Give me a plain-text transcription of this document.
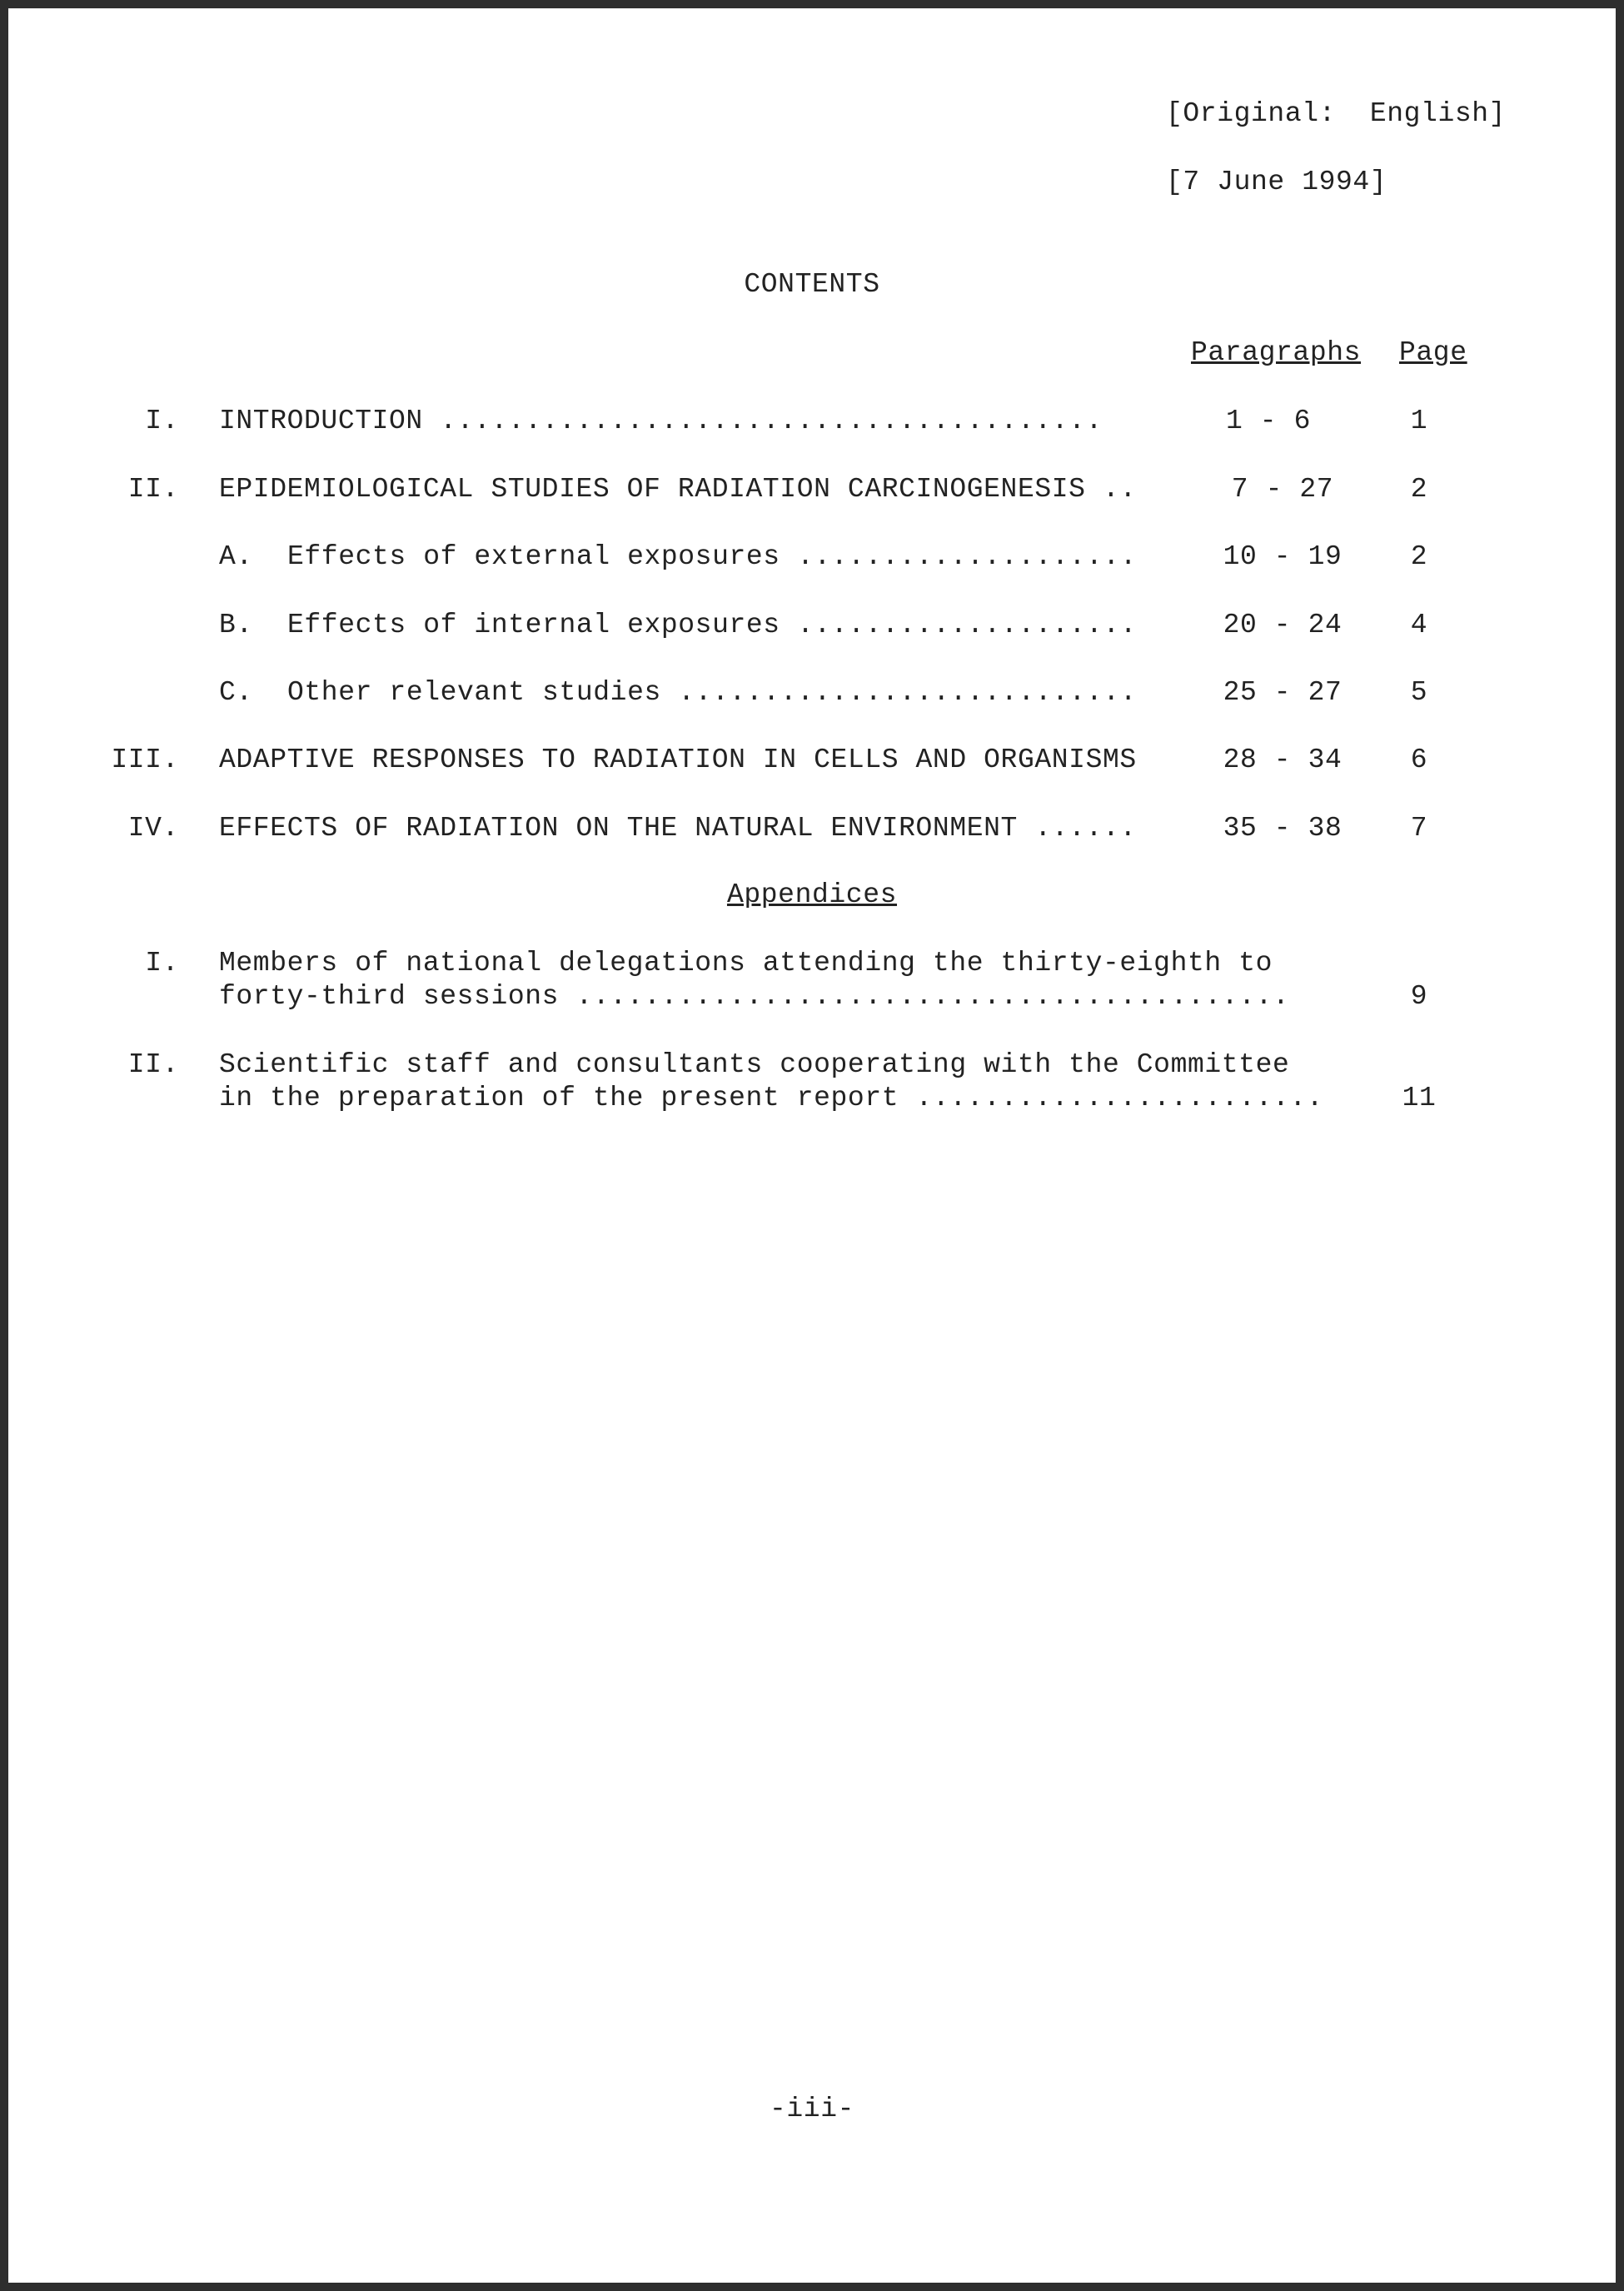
[Original:  English]
[7 June 1994]
CONTENTS
Paragraphs Page
I. INTRODUCTION .......................................	1 - 6	1
II. EPIDEMIOLOGICAL STUDIES OF RADIATION CARCINOGENESIS ..	7 - 27	2
A. Effects of external exposures ....................	10 - 19	2
B. Effects of internal exposures ....................	20 - 24	4
C. Other relevant studies ...........................	25 - 27	5
III. ADAPTIVE RESPONSES TO RADIATION IN CELLS AND ORGANISMS	28 - 34	6
IV. EFFECTS OF RADIATION ON THE NATURAL ENVIRONMENT ......	35 - 38	7
Appendices
I. Members of national delegations attending the thirty-eighth to
forty-third sessions ..........................................	9
II. Scientific staff and consultants cooperating with the Committee
in the preparation of the present report ........................	11
-iii-
